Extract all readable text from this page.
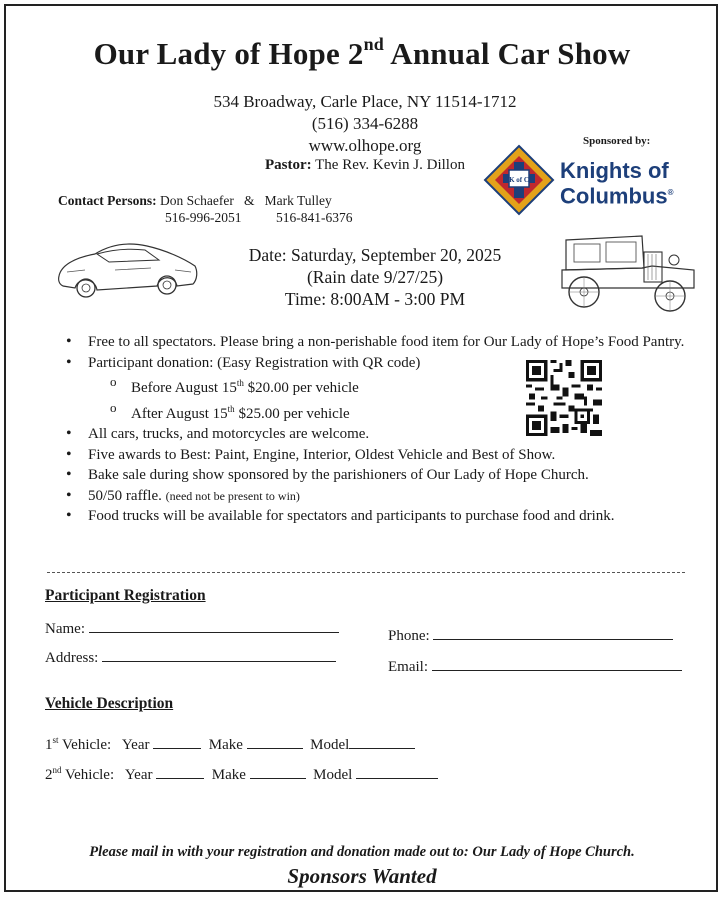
Our Lady of Hope 2nd Annual Car Show
534 Broadway, Carle Place, NY 11514-1712
(516) 334-6288
www.olhope.org
Pastor: The Rev. Kevin J. Dillon
Sponsored by:
K of C Knights of
Columbus®
Contact Persons: Don Schaefer & Mark Tulley
516-996-2051	516-841-6376
Date: Saturday, September 20, 2025
(Rain date 9/27/25)
Time: 8:00AM - 3:00 PM
• Free to all spectators. Please bring a non-perishable food item for Our Lady of Hope’s Food Pantry.
• Participant donation: (Easy Registration with QR code)
o Before August 15th $20.00 per vehicle
o After August 15th $25.00 per vehicle
• All cars, trucks, and motorcycles are welcome.
• Five awards to Best: Paint, Engine, Interior, Oldest Vehicle and Best of Show.
• Bake sale during show sponsored by the parishioners of Our Lady of Hope Church.
• 50/50 raffle. (need not be present to win)
• Food trucks will be available for spectators and participants to purchase food and drink.
Participant Registration
Name:
Address:
Phone:
Email:
Vehicle Description
1st Vehicle: Year	Make	Model
2nd Vehicle: Year	Make	Model
Please mail in with your registration and donation made out to: Our Lady of Hope Church.
Sponsors Wanted
